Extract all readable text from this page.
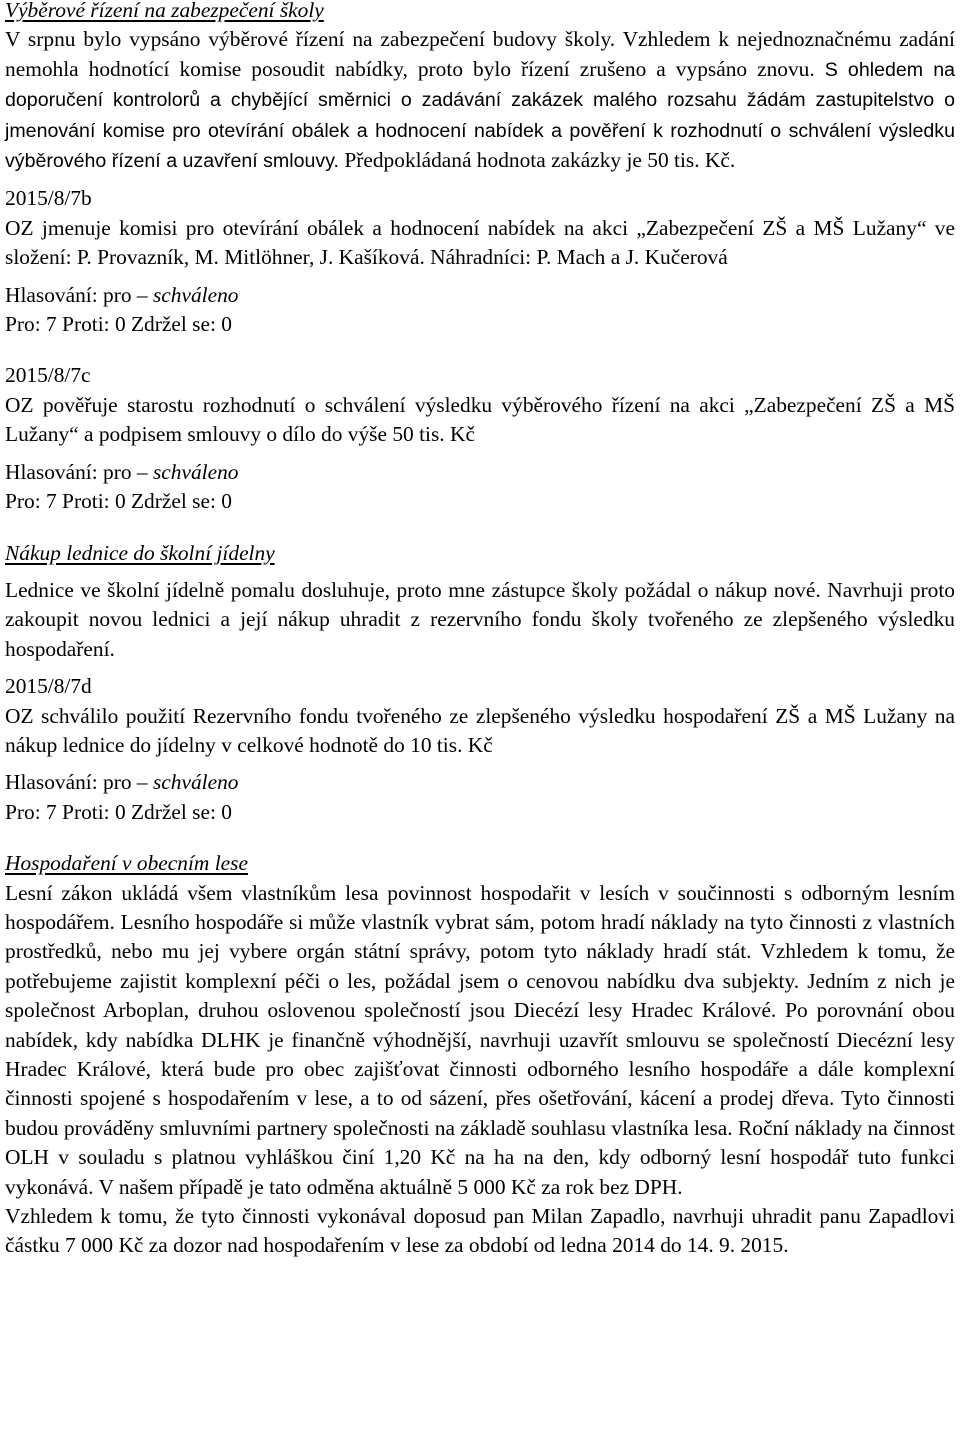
Výběrové řízení na zabezpečení školy

V srpnu bylo vypsáno výběrové řízení na zabezpečení budovy školy. Vzhledem k nejednoznačnému zadání nemohla hodnotící komise posoudit nabídky, proto bylo řízení zrušeno a vypsáno znovu. S ohledem na doporučení kontrolorů a chybějící směrnici o zadávání zakázek malého rozsahu žádám zastupitelstvo o jmenování komise pro otevírání obálek a hodnocení nabídek a pověření k rozhodnutí o schválení výsledku výběrového řízení a uzavření smlouvy. Předpokládaná hodnota zakázky je 50 tis. Kč.

2015/8/7b

OZ jmenuje komisi pro otevírání obálek a hodnocení nabídek na akci „Zabezpečení ZŠ a MŠ Lužany“ ve složení: P. Provazník, M. Mitlöhner, J. Kašíková. Náhradníci: P. Mach a J. Kučerová

Hlasování: pro – schváleno
Pro: 7 Proti: 0 Zdržel se: 0
2015/8/7c

OZ pověřuje starostu rozhodnutí o schválení výsledku výběrového řízení na akci „Zabezpečení ZŠ a MŠ Lužany“ a podpisem smlouvy o dílo do výše 50 tis. Kč

Hlasování: pro – schváleno
Pro: 7 Proti: 0 Zdržel se: 0
Nákup lednice do školní jídelny

Lednice ve školní jídelně pomalu dosluhuje, proto mne zástupce školy požádal o nákup nové. Navrhuji proto zakoupit novou lednici a její nákup uhradit z rezervního fondu školy tvořeného ze zlepšeného výsledku hospodaření.

2015/8/7d

OZ schválilo použití Rezervního fondu tvořeného ze zlepšeného výsledku hospodaření ZŠ a MŠ Lužany na nákup lednice do jídelny v celkové hodnotě do 10 tis. Kč

Hlasování: pro – schváleno
Pro: 7 Proti: 0 Zdržel se: 0
Hospodaření v obecním lese

Lesní zákon ukládá všem vlastníkům lesa povinnost hospodařit v lesích v součinnosti s odborným lesním hospodářem. Lesního hospodáře si může vlastník vybrat sám, potom hradí náklady na tyto činnosti z vlastních prostředků, nebo mu jej vybere orgán státní správy, potom tyto náklady hradí stát. Vzhledem k tomu, že potřebujeme zajistit komplexní péči o les, požádal jsem o cenovou nabídku dva subjekty. Jedním z nich je společnost Arboplan, druhou oslovenou společností jsou Diecézí lesy Hradec Králové. Po porovnání obou nabídek, kdy nabídka DLHK je finančně výhodnější, navrhuji uzavřít smlouvu se společností Diecézní lesy Hradec Králové, která bude pro obec zajišťovat činnosti odborného lesního hospodáře a dále komplexní činnosti spojené s hospodařením v lese, a to od sázení, přes ošetřování, kácení a prodej dřeva. Tyto činnosti budou prováděny smluvními partnery společnosti na základě souhlasu vlastníka lesa. Roční náklady na činnost OLH v souladu s platnou vyhláškou činí 1,20 Kč na ha na den, kdy odborný lesní hospodář tuto funkci vykonává. V našem případě je tato odměna aktuálně 5 000 Kč za rok bez DPH.

Vzhledem k tomu, že tyto činnosti vykonával doposud pan Milan Zapadlo, navrhuji uhradit panu Zapadlovi částku 7 000 Kč za dozor nad hospodařením v lese za období od ledna 2014 do 14. 9. 2015.
